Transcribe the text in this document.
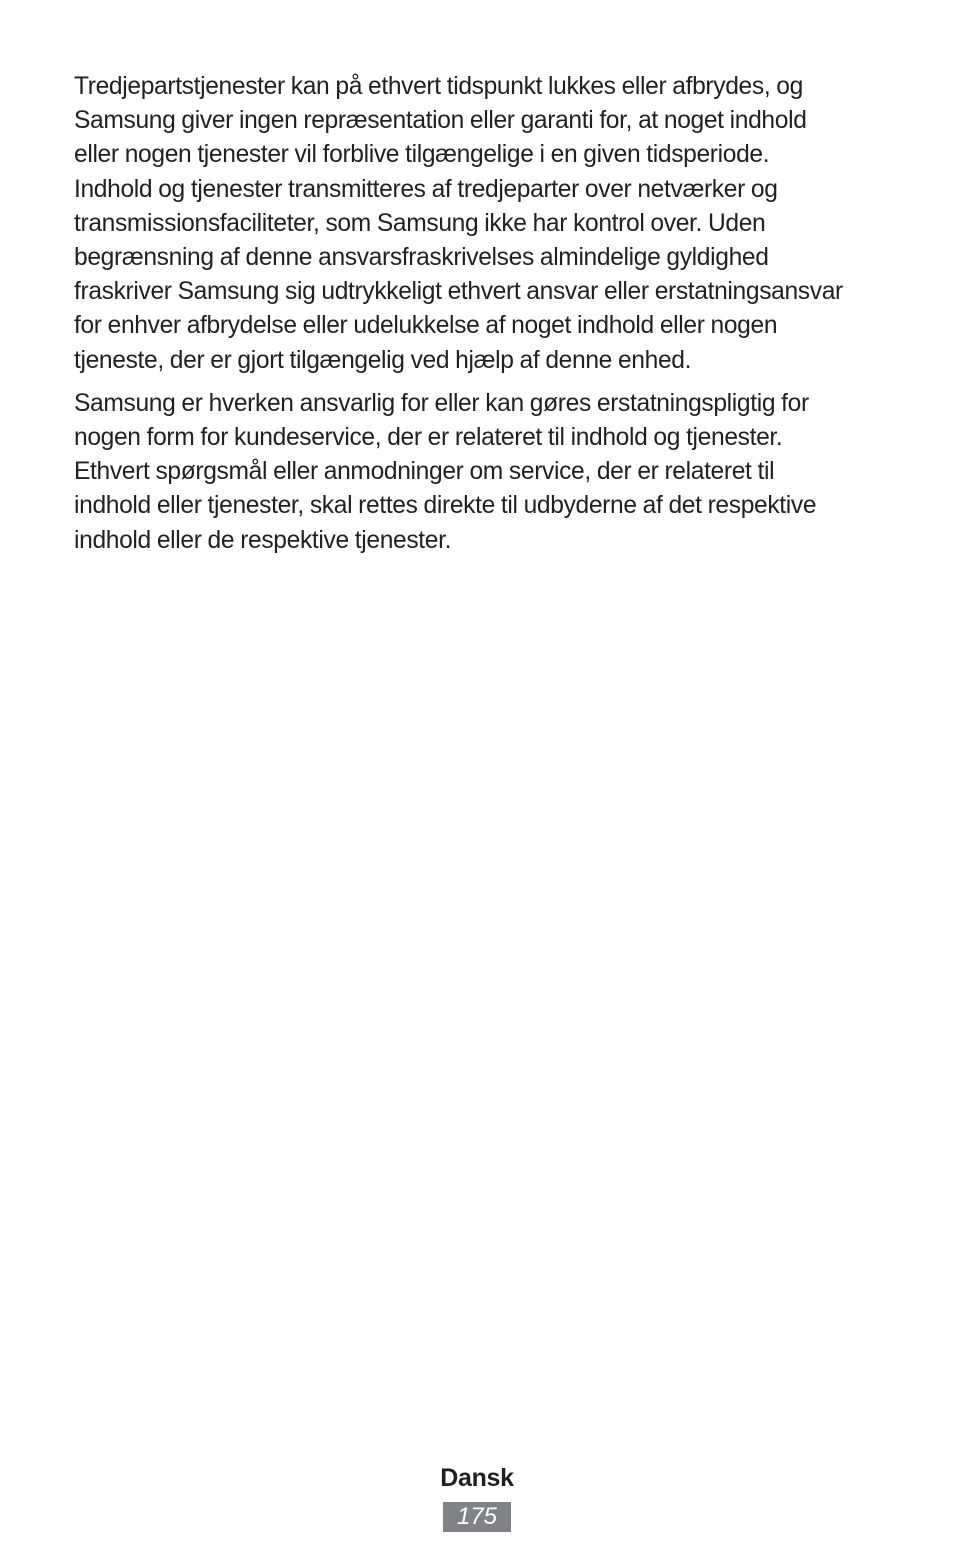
Tredjepartstjenester kan på ethvert tidspunkt lukkes eller afbrydes, og
Samsung giver ingen repræsentation eller garanti for, at noget indhold
eller nogen tjenester vil forblive tilgængelige i en given tidsperiode.
Indhold og tjenester transmitteres af tredjeparter over netværker og
transmissionsfaciliteter, som Samsung ikke har kontrol over. Uden
begrænsning af denne ansvarsfraskrivelses almindelige gyldighed
fraskriver Samsung sig udtrykkeligt ethvert ansvar eller erstatningsansvar
for enhver afbrydelse eller udelukkelse af noget indhold eller nogen
tjeneste, der er gjort tilgængelig ved hjælp af denne enhed.

Samsung er hverken ansvarlig for eller kan gøres erstatningspligtig for
nogen form for kundeservice, der er relateret til indhold og tjenester.
Ethvert spørgsmål eller anmodninger om service, der er relateret til
indhold eller tjenester, skal rettes direkte til udbyderne af det respektive
indhold eller de respektive tjenester.

Dansk
175
